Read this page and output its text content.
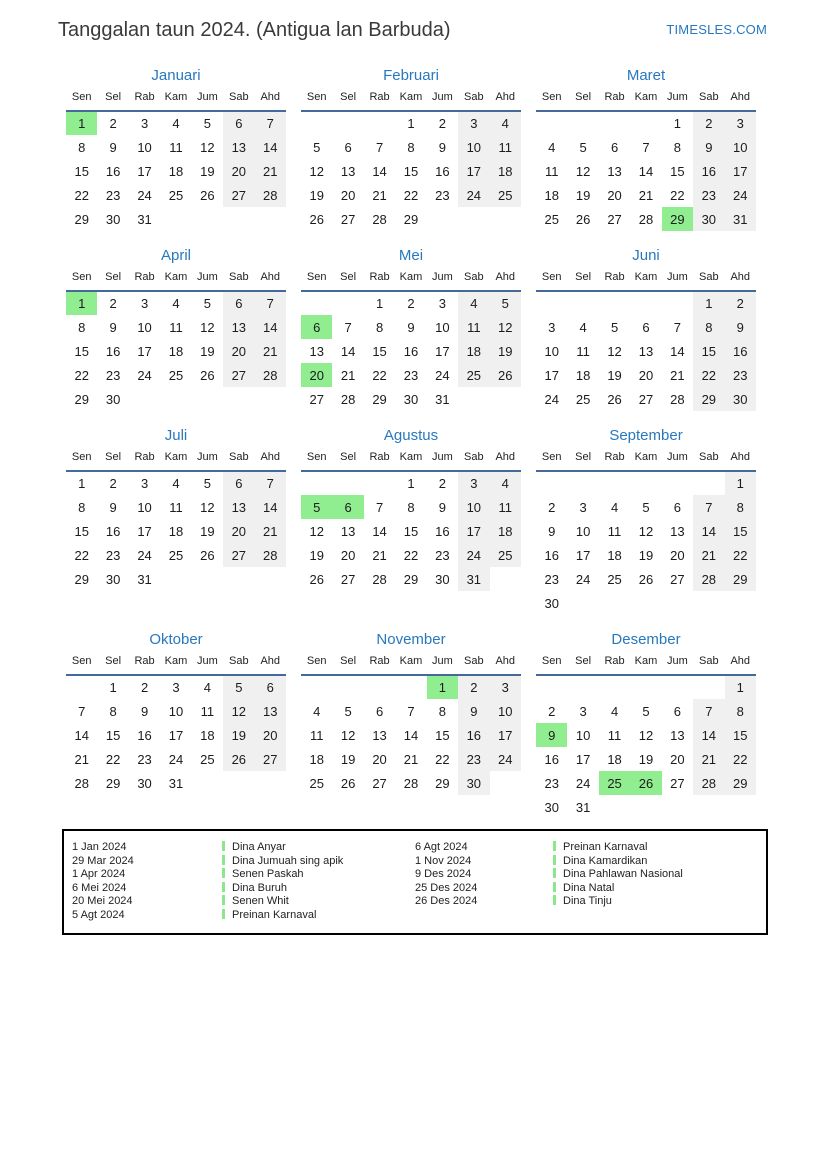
Tanggalan taun 2024. (Antigua lan Barbuda)	TIMESLES.COM
Januari
Sen	Sel	Rab	Kam	Jum	Sab	Ahd
1	2	3	4	5	6	7
8	9	10	11	12	13	14
15	16	17	18	19	20	21
22	23	24	25	26	27	28
29	30	31				
Februari
Sen	Sel	Rab	Kam	Jum	Sab	Ahd
			1	2	3	4
5	6	7	8	9	10	11
12	13	14	15	16	17	18
19	20	21	22	23	24	25
26	27	28	29			
Maret
Sen	Sel	Rab	Kam	Jum	Sab	Ahd
				1	2	3
4	5	6	7	8	9	10
11	12	13	14	15	16	17
18	19	20	21	22	23	24
25	26	27	28	29	30	31
April
Sen	Sel	Rab	Kam	Jum	Sab	Ahd
1	2	3	4	5	6	7
8	9	10	11	12	13	14
15	16	17	18	19	20	21
22	23	24	25	26	27	28
29	30					
Mei
Sen	Sel	Rab	Kam	Jum	Sab	Ahd
		1	2	3	4	5
6	7	8	9	10	11	12
13	14	15	16	17	18	19
20	21	22	23	24	25	26
27	28	29	30	31		
Juni
Sen	Sel	Rab	Kam	Jum	Sab	Ahd
					1	2
3	4	5	6	7	8	9
10	11	12	13	14	15	16
17	18	19	20	21	22	23
24	25	26	27	28	29	30
Juli
Sen	Sel	Rab	Kam	Jum	Sab	Ahd
1	2	3	4	5	6	7
8	9	10	11	12	13	14
15	16	17	18	19	20	21
22	23	24	25	26	27	28
29	30	31				
Agustus
Sen	Sel	Rab	Kam	Jum	Sab	Ahd
			1	2	3	4
5	6	7	8	9	10	11
12	13	14	15	16	17	18
19	20	21	22	23	24	25
26	27	28	29	30	31	
September
Sen	Sel	Rab	Kam	Jum	Sab	Ahd
						1
2	3	4	5	6	7	8
9	10	11	12	13	14	15
16	17	18	19	20	21	22
23	24	25	26	27	28	29
30						
Oktober
Sen	Sel	Rab	Kam	Jum	Sab	Ahd
	1	2	3	4	5	6
7	8	9	10	11	12	13
14	15	16	17	18	19	20
21	22	23	24	25	26	27
28	29	30	31			
November
Sen	Sel	Rab	Kam	Jum	Sab	Ahd
				1	2	3
4	5	6	7	8	9	10
11	12	13	14	15	16	17
18	19	20	21	22	23	24
25	26	27	28	29	30	
Desember
Sen	Sel	Rab	Kam	Jum	Sab	Ahd
						1
2	3	4	5	6	7	8
9	10	11	12	13	14	15
16	17	18	19	20	21	22
23	24	25	26	27	28	29
30	31					
1 Jan 2024	Dina Anyar
29 Mar 2024	Dina Jumuah sing apik
1 Apr 2024	Senen Paskah
6 Mei 2024	Dina Buruh
20 Mei 2024	Senen Whit
5 Agt 2024	Preinan Karnaval
6 Agt 2024	Preinan Karnaval
1 Nov 2024	Dina Kamardikan
9 Des 2024	Dina Pahlawan Nasional
25 Des 2024	Dina Natal
26 Des 2024	Dina Tinju
